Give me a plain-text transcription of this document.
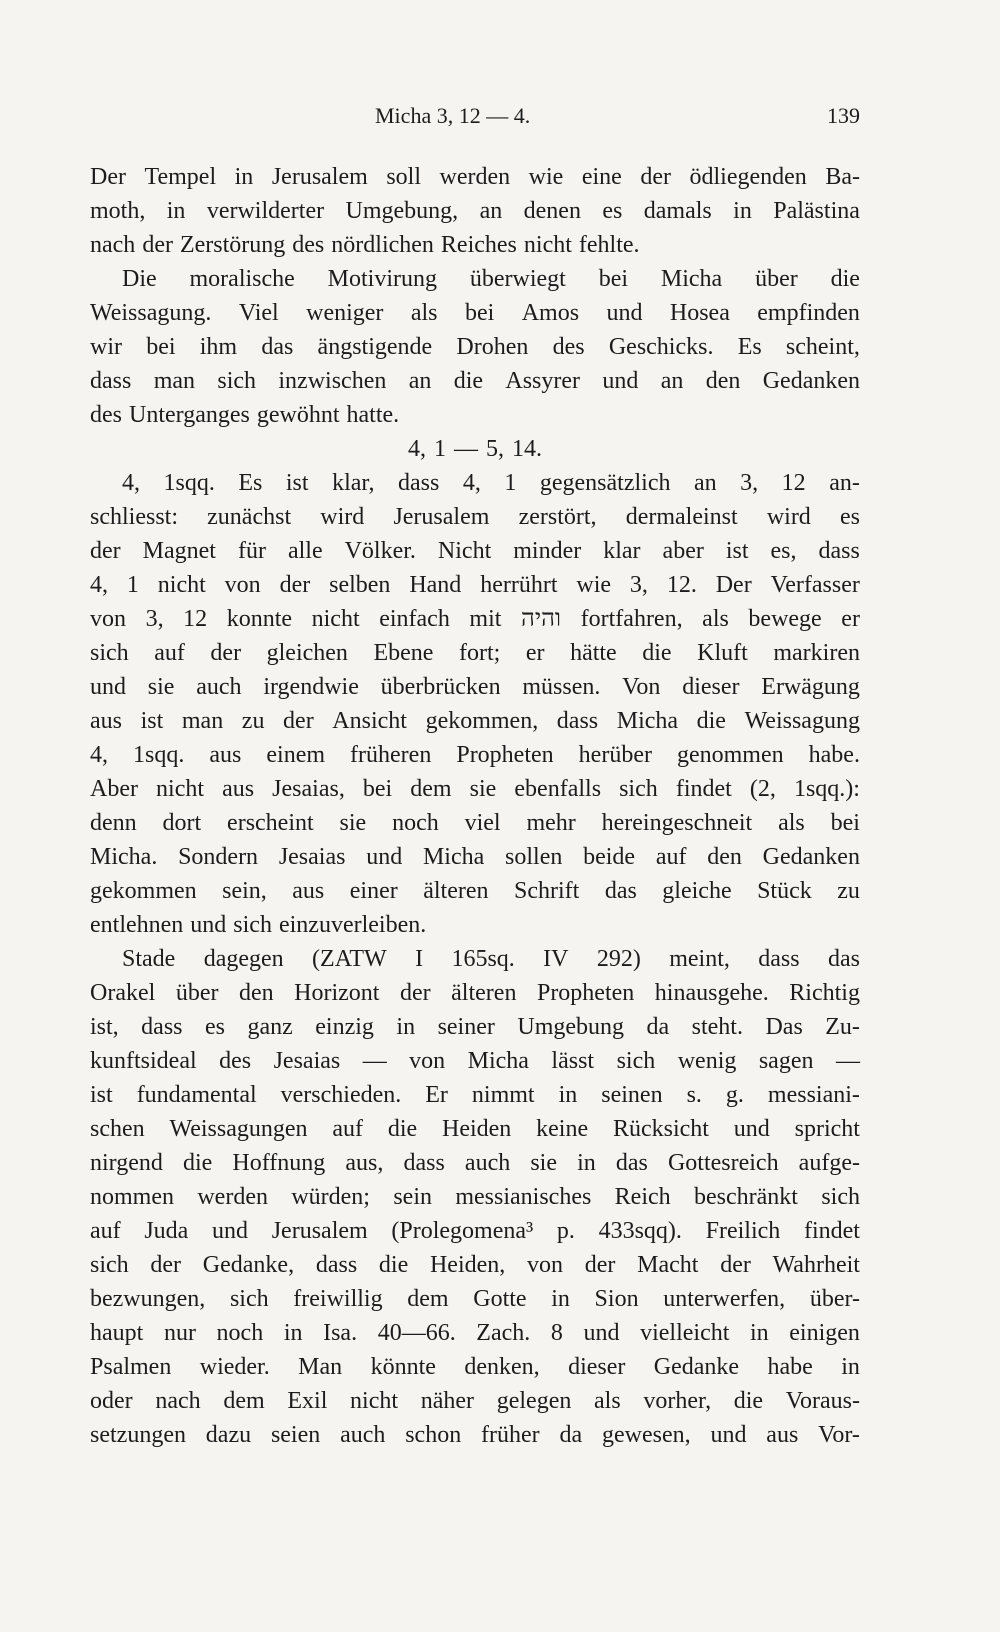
Micha 3, 12 — 4.	139
Der Tempel in Jerusalem soll werden wie eine der ödliegenden Ba-
moth, in verwilderter Umgebung, an denen es damals in Palästina
nach der Zerstörung des nördlichen Reiches nicht fehlte.
Die moralische Motivirung überwiegt bei Micha über die
Weissagung. Viel weniger als bei Amos und Hosea empfinden
wir bei ihm das ängstigende Drohen des Geschicks. Es scheint,
dass man sich inzwischen an die Assyrer und an den Gedanken
des Unterganges gewöhnt hatte.
4, 1 — 5, 14.
4, 1sqq. Es ist klar, dass 4, 1 gegensätzlich an 3, 12 an-
schliesst: zunächst wird Jerusalem zerstört, dermaleinst wird es
der Magnet für alle Völker. Nicht minder klar aber ist es, dass
4, 1 nicht von der selben Hand herrührt wie 3, 12. Der Verfasser
von 3, 12 konnte nicht einfach mit והיה fortfahren, als bewege er
sich auf der gleichen Ebene fort; er hätte die Kluft markiren
und sie auch irgendwie überbrücken müssen. Von dieser Erwägung
aus ist man zu der Ansicht gekommen, dass Micha die Weissagung
4, 1sqq. aus einem früheren Propheten herüber genommen habe.
Aber nicht aus Jesaias, bei dem sie ebenfalls sich findet (2, 1sqq.):
denn dort erscheint sie noch viel mehr hereingeschneit als bei
Micha. Sondern Jesaias und Micha sollen beide auf den Gedanken
gekommen sein, aus einer älteren Schrift das gleiche Stück zu
entlehnen und sich einzuverleiben.
Stade dagegen (ZATW I 165sq. IV 292) meint, dass das
Orakel über den Horizont der älteren Propheten hinausgehe. Richtig
ist, dass es ganz einzig in seiner Umgebung da steht. Das Zu-
kunftsideal des Jesaias — von Micha lässt sich wenig sagen —
ist fundamental verschieden. Er nimmt in seinen s. g. messiani-
schen Weissagungen auf die Heiden keine Rücksicht und spricht
nirgend die Hoffnung aus, dass auch sie in das Gottesreich aufge-
nommen werden würden; sein messianisches Reich beschränkt sich
auf Juda und Jerusalem (Prolegomena³ p. 433sqq). Freilich findet
sich der Gedanke, dass die Heiden, von der Macht der Wahrheit
bezwungen, sich freiwillig dem Gotte in Sion unterwerfen, über-
haupt nur noch in Isa. 40—66. Zach. 8 und vielleicht in einigen
Psalmen wieder. Man könnte denken, dieser Gedanke habe in
oder nach dem Exil nicht näher gelegen als vorher, die Voraus-
setzungen dazu seien auch schon früher da gewesen, und aus Vor-
